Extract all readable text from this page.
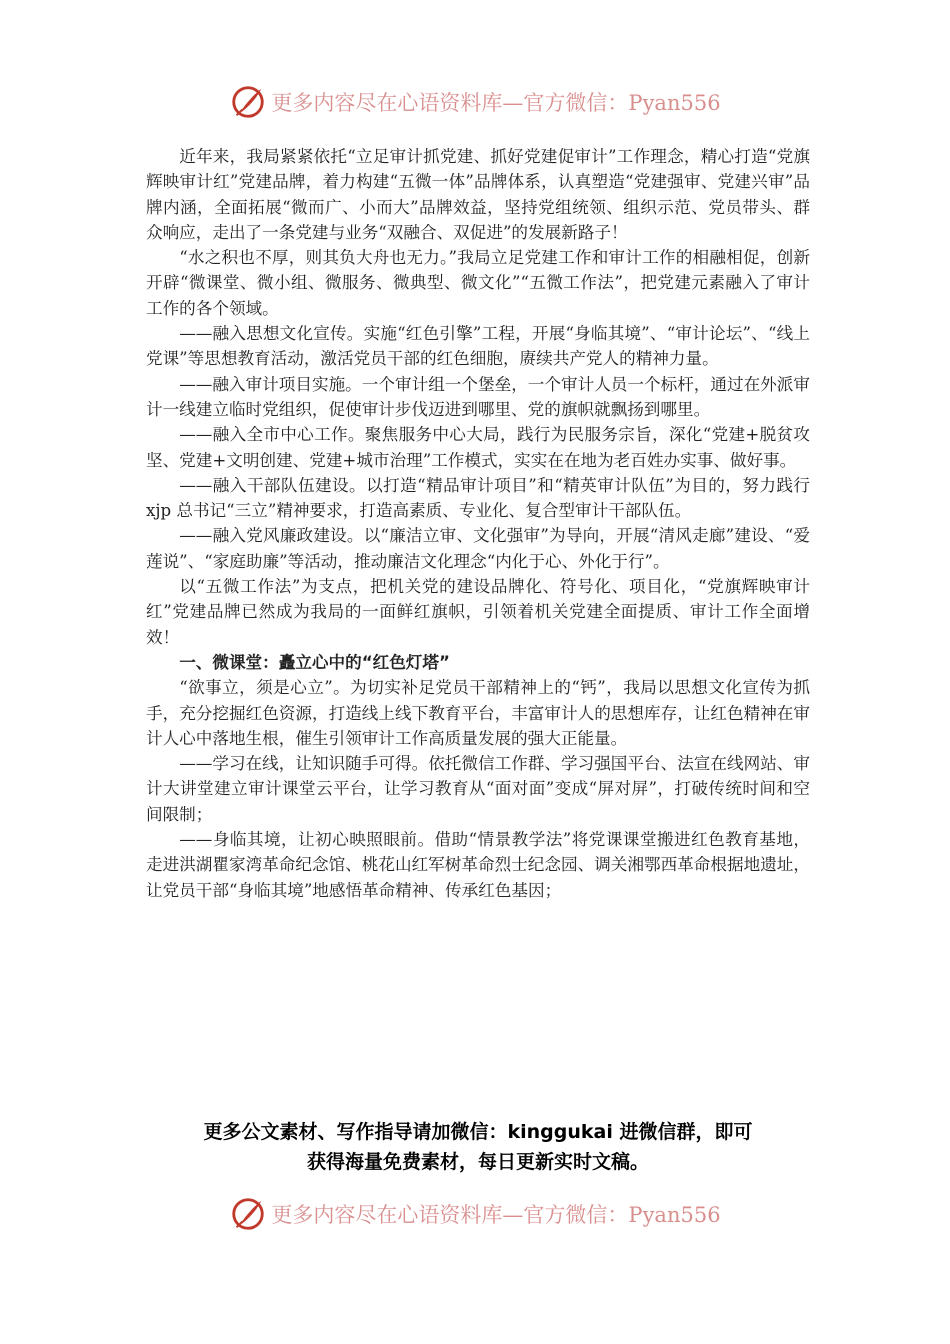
更多内容尽在心语资料库—官方微信：Pyan556

近年来，我局紧紧依托“立足审计抓党建、抓好党建促审计”工作理念，精心打造“党旗辉映审计红”党建品牌，着力构建“五微一体”品牌体系，认真塑造“党建强审、党建兴审”品牌内涵，全面拓展“微而广、小而大”品牌效益，坚持党组统领、组织示范、党员带头、群众响应，走出了一条党建与业务“双融合、双促进”的发展新路子！

“水之积也不厚，则其负大舟也无力。”我局立足党建工作和审计工作的相融相促，创新开辟“微课堂、微小组、微服务、微典型、微文化”“五微工作法”，把党建元素融入了审计工作的各个领域。

——融入思想文化宣传。实施“红色引擎”工程，开展“身临其境”、“审计论坛”、“线上党课”等思想教育活动，激活党员干部的红色细胞，赓续共产党人的精神力量。

——融入审计项目实施。一个审计组一个堡垒，一个审计人员一个标杆，通过在外派审计一线建立临时党组织，促使审计步伐迈进到哪里、党的旗帜就飘扬到哪里。

——融入全市中心工作。聚焦服务中心大局，践行为民服务宗旨，深化“党建+脱贫攻坚、党建+文明创建、党建+城市治理”工作模式，实实在在地为老百姓办实事、做好事。

——融入干部队伍建设。以打造“精品审计项目”和“精英审计队伍”为目的，努力践行 xjp 总书记“三立”精神要求，打造高素质、专业化、复合型审计干部队伍。

——融入党风廉政建设。以“廉洁立审、文化强审”为导向，开展“清风走廊”建设、“爱莲说”、“家庭助廉”等活动，推动廉洁文化理念“内化于心、外化于行”。

以“五微工作法”为支点，把机关党的建设品牌化、符号化、项目化，“党旗辉映审计红”党建品牌已然成为我局的一面鲜红旗帜，引领着机关党建全面提质、审计工作全面增效！

一、微课堂：矗立心中的“红色灯塔”

“欲事立，须是心立”。为切实补足党员干部精神上的“钙”，我局以思想文化宣传为抓手，充分挖掘红色资源，打造线上线下教育平台，丰富审计人的思想库存，让红色精神在审计人心中落地生根，催生引领审计工作高质量发展的强大正能量。

——学习在线，让知识随手可得。依托微信工作群、学习强国平台、法宣在线网站、审计大讲堂建立审计课堂云平台，让学习教育从“面对面”变成“屏对屏”，打破传统时间和空间限制；

——身临其境，让初心映照眼前。借助“情景教学法”将党课课堂搬进红色教育基地，走进洪湖瞿家湾革命纪念馆、桃花山红军树革命烈士纪念园、调关湘鄂西革命根据地遗址，让党员干部“身临其境”地感悟革命精神、传承红色基因；

更多公文素材、写作指导请加微信：kinggukai 进微信群，即可
获得海量免费素材，每日更新实时文稿。
更多内容尽在心语资料库—官方微信：Pyan556
